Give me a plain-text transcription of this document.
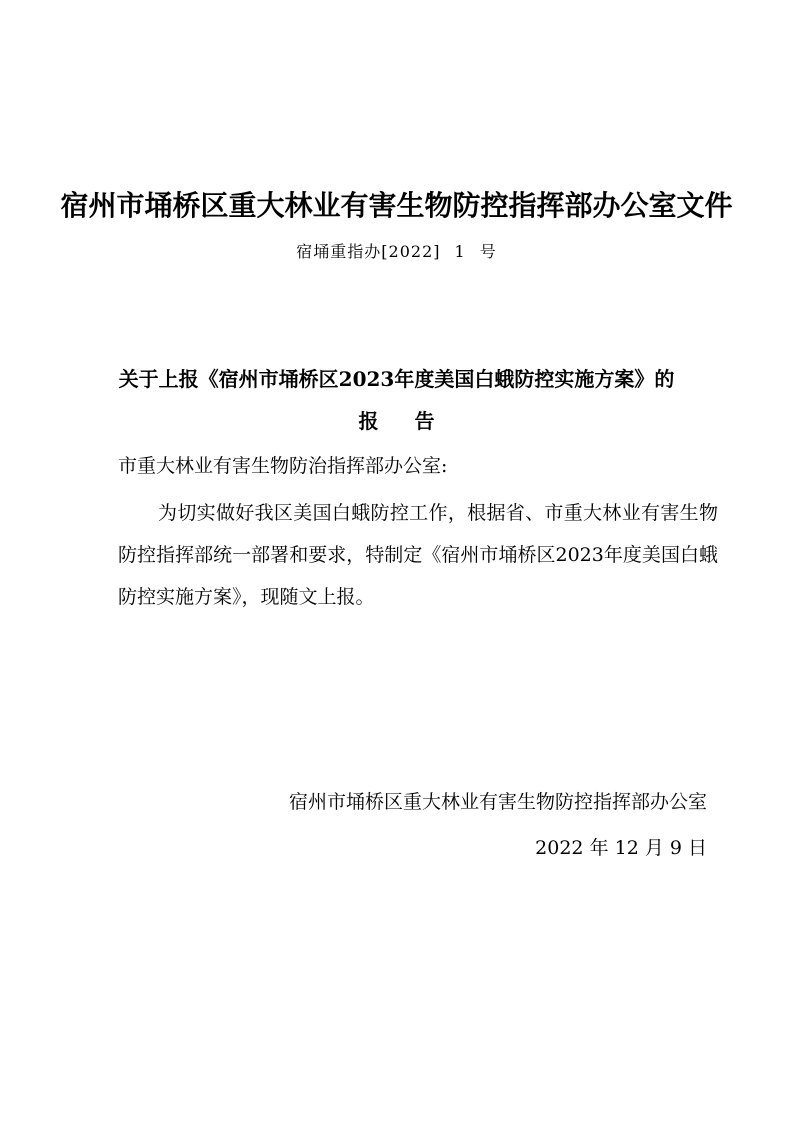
宿州市埇桥区重大林业有害生物防控指挥部办公室文件
宿埇重指办[2022] 1 号
关于上报《宿州市埇桥区2023年度美国白蛾防控实施方案》的
报告
市重大林业有害生物防治指挥部办公室:
为切实做好我区美国白蛾防控工作，根据省、市重大林业有害生物防控指挥部统一部署和要求，特制定《宿州市埇桥区2023年度美国白蛾防控实施方案》，现随文上报。
宿州市埇桥区重大林业有害生物防控指挥部办公室
2022 年 12 月 9 日
